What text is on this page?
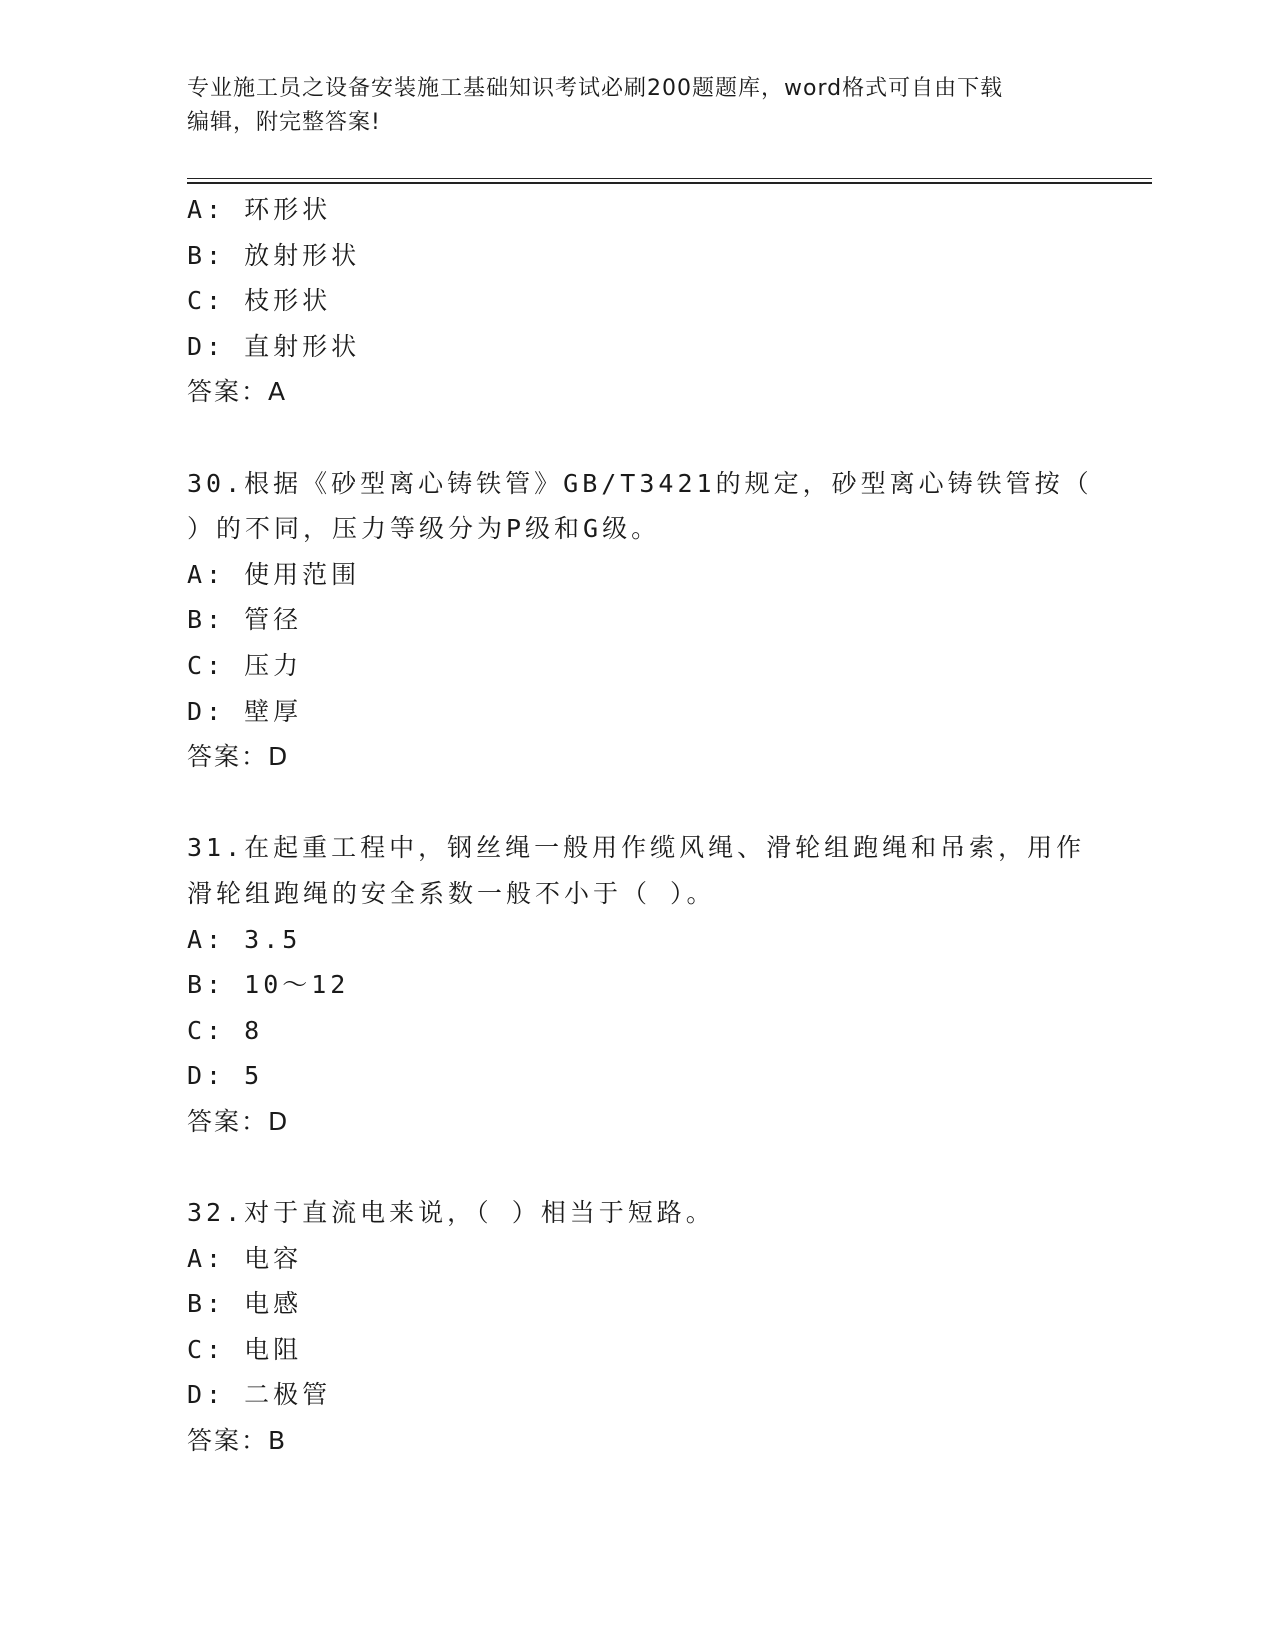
专业施工员之设备安装施工基础知识考试必刷200题题库，word格式可自由下载
编辑，附完整答案!
A: 环形状
B: 放射形状
C: 枝形状
D: 直射形状
答案：A
30.根据《砂型离心铸铁管》GB/T3421的规定，砂型离心铸铁管按（
）的不同，压力等级分为P级和G级。
A: 使用范围
B: 管径
C: 压力
D: 壁厚
答案：D
31.在起重工程中，钢丝绳一般用作缆风绳、滑轮组跑绳和吊索，用作
滑轮组跑绳的安全系数一般不小于（ ）。
A: 3.5
B: 10～12
C: 8
D: 5
答案：D
32.对于直流电来说，（ ）相当于短路。
A: 电容
B: 电感
C: 电阻
D: 二极管
答案：B
